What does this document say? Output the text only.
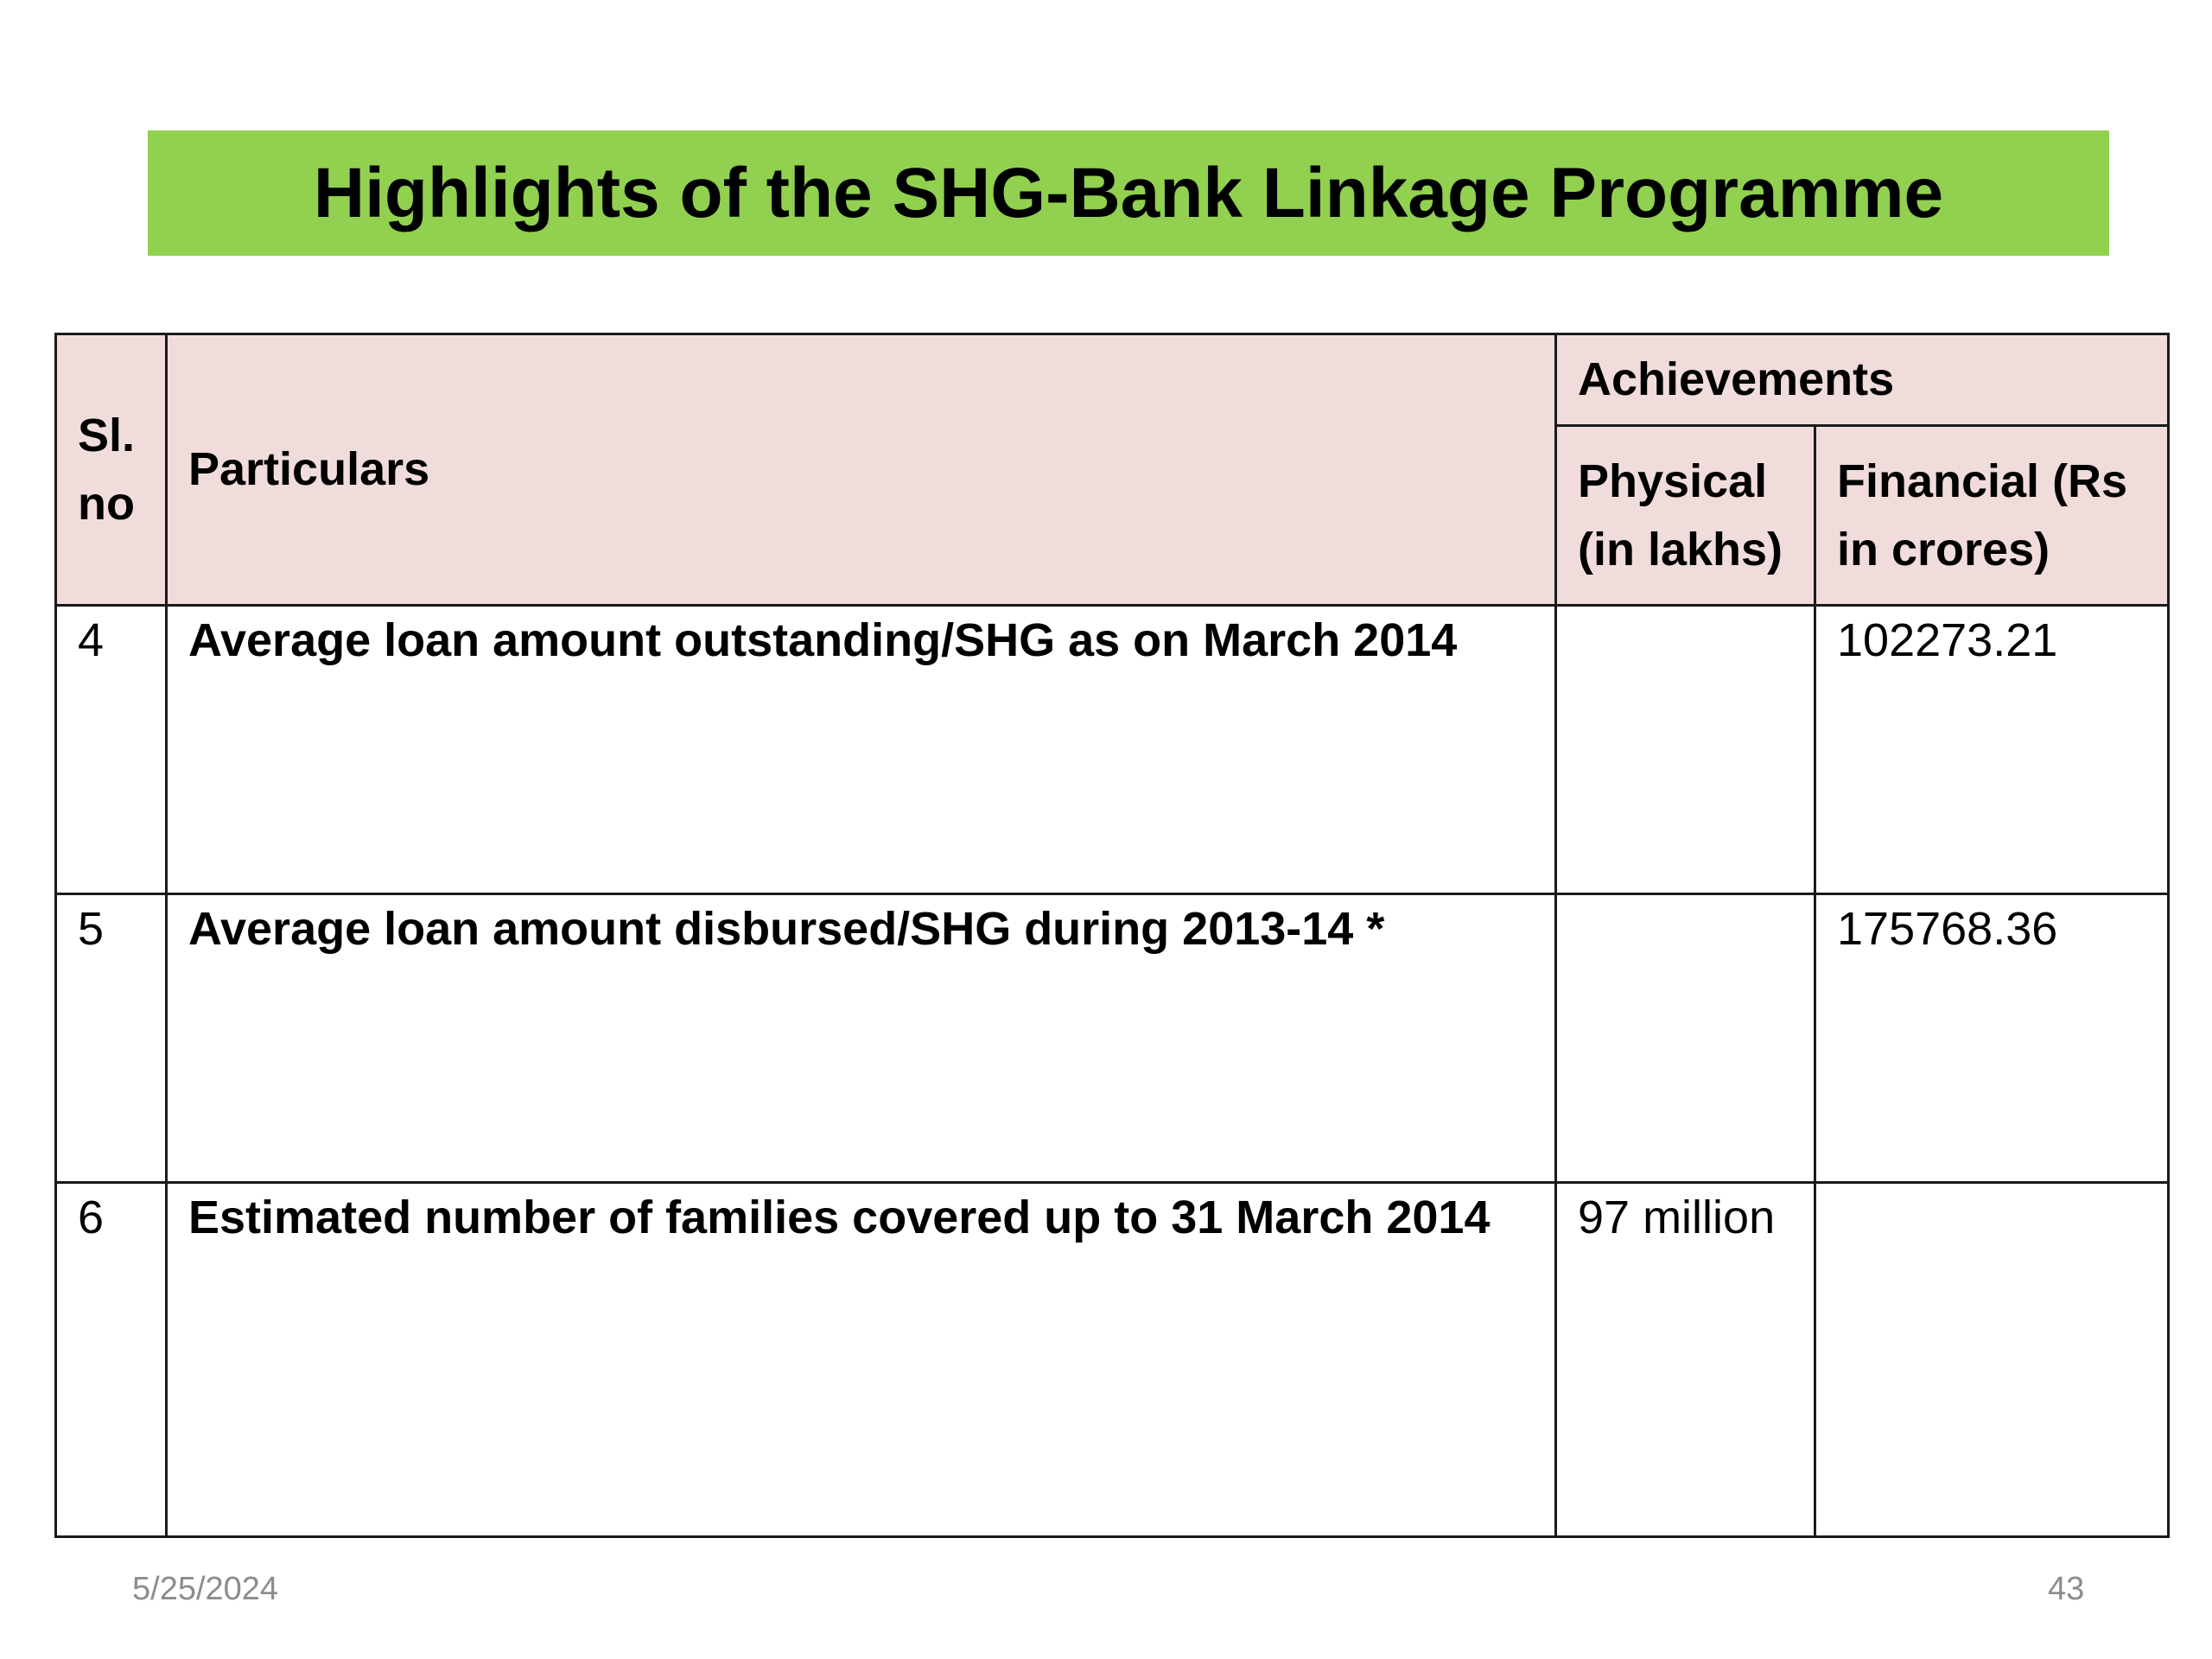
Highlights of the SHG-Bank Linkage Programme
Sl. no	Particulars	Achievements	
		Physical (in lakhs)	Financial (Rs in crores)
4	Average loan amount outstanding/SHG as on March 2014		102273.21
5	Average loan amount disbursed/SHG during 2013-14 *		175768.36
6	Estimated number of families covered up to 31 March 2014	97 million	
5/25/2024	43
